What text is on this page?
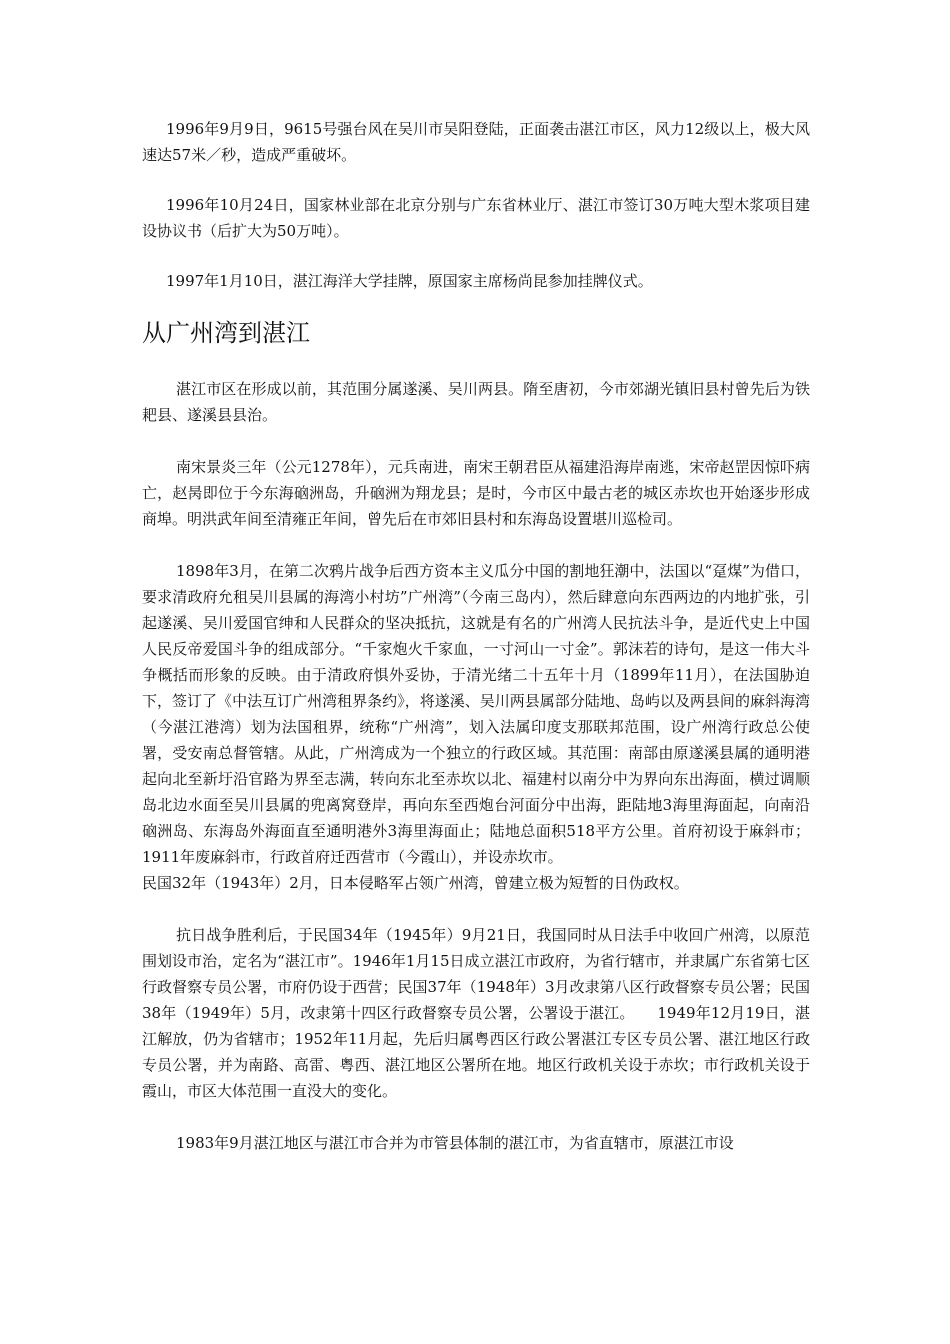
1996年9月9日，9615号强台风在吴川市吴阳登陆，正面袭击湛江市区，风力12级以上，极大风速达57米／秒，造成严重破坏。

1996年10月24日，国家林业部在北京分别与广东省林业厅、湛江市签订30万吨大型木浆项目建设协议书（后扩大为50万吨）。

1997年1月10日，湛江海洋大学挂牌，原国家主席杨尚昆参加挂牌仪式。

从广州湾到湛江

湛江市区在形成以前，其范围分属遂溪、吴川两县。隋至唐初，今市郊湖光镇旧县村曾先后为铁耙县、遂溪县县治。

南宋景炎三年（公元1278年），元兵南进，南宋王朝君臣从福建沿海岸南逃，宋帝赵罡因惊吓病亡，赵昺即位于今东海硇洲岛，升硇洲为翔龙县；是时，今市区中最古老的城区赤坎也开始逐步形成商埠。明洪武年间至清雍正年间，曾先后在市郊旧县村和东海岛设置堪川巡检司。

1898年3月，在第二次鸦片战争后西方资本主义瓜分中国的割地狂潮中，法国以“趸煤”为借口，要求清政府允租吴川县属的海湾小村坊”广州湾”（今南三岛内），然后肆意向东西两边的内地扩张，引起遂溪、吴川爱国官绅和人民群众的坚决抵抗，这就是有名的广州湾人民抗法斗争，是近代史上中国人民反帝爱国斗争的组成部分。“千家炮火千家血，一寸河山一寸金”。郭沫若的诗句，是这一伟大斗争概括而形象的反映。由于清政府惧外妥协，于清光绪二十五年十月（1899年11月），在法国胁迫下，签订了《中法互订广州湾租界条约》，将遂溪、吴川两县属部分陆地、岛屿以及两县间的麻斜海湾（今湛江港湾）划为法国租界，统称“广州湾”，划入法属印度支那联邦范围，设广州湾行政总公使署，受安南总督管辖。从此，广州湾成为一个独立的行政区域。其范围：南部由原遂溪县属的通明港起向北至新圩沿官路为界至志满，转向东北至赤坎以北、福建村以南分中为界向东出海面，横过调顺岛北边水面至吴川县属的兜离窝登岸，再向东至西炮台河面分中出海，距陆地3海里海面起，向南沿硇洲岛、东海岛外海面直至通明港外3海里海面止；陆地总面积518平方公里。首府初设于麻斜市；1911年废麻斜市，行政首府迁西营市（今霞山），并设赤坎市。

民国32年（1943年）2月，日本侵略军占领广州湾，曾建立极为短暂的日伪政权。

抗日战争胜利后，于民国34年（1945年）9月21日，我国同时从日法手中收回广州湾，以原范围划设市治，定名为“湛江市”。1946年1月15日成立湛江市政府，为省行辖市，并隶属广东省第七区行政督察专员公署，市府仍设于西营；民国37年（1948年）3月改隶第八区行政督察专员公署；民国38年（1949年）5月，改隶第十四区行政督察专员公署，公署设于湛江。　　1949年12月19日，湛江解放，仍为省辖市；1952年11月起，先后归属粤西区行政公署湛江专区专员公署、湛江地区行政专员公署，并为南路、高雷、粤西、湛江地区公署所在地。地区行政机关设于赤坎；市行政机关设于霞山，市区大体范围一直没大的变化。

1983年9月湛江地区与湛江市合并为市管县体制的湛江市，为省直辖市，原湛江市设
